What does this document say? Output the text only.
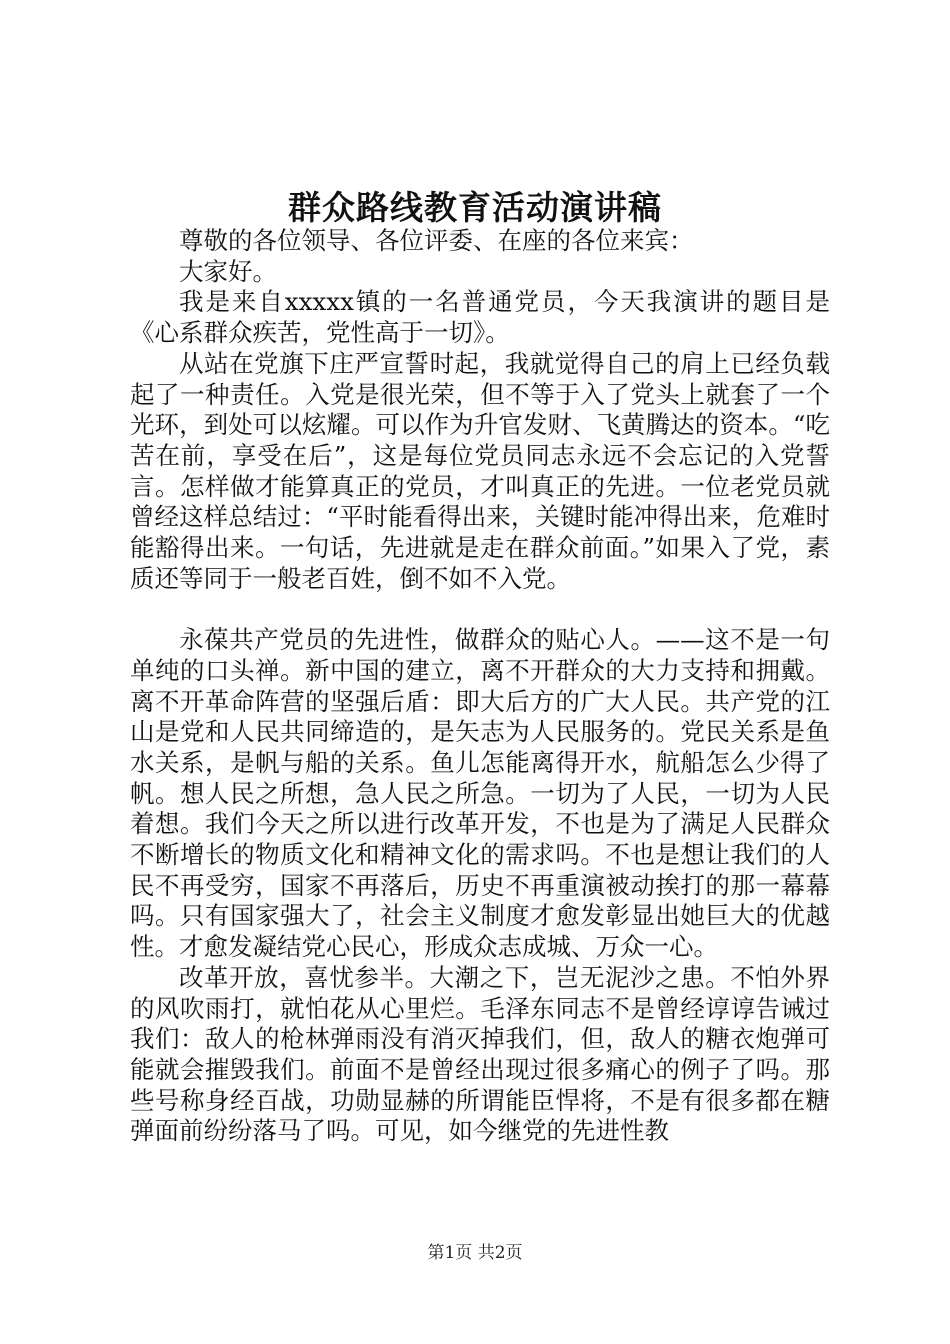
群众路线教育活动演讲稿

尊敬的各位领导、各位评委、在座的各位来宾：

大家好。

我是来自xxxxx镇的一名普通党员，今天我演讲的题目是《心系群众疾苦，党性高于一切》。

从站在党旗下庄严宣誓时起，我就觉得自己的肩上已经负载起了一种责任。入党是很光荣，但不等于入了党头上就套了一个光环，到处可以炫耀。可以作为升官发财、飞黄腾达的资本。“吃苦在前，享受在后”，这是每位党员同志永远不会忘记的入党誓言。怎样做才能算真正的党员，才叫真正的先进。一位老党员就曾经这样总结过：“平时能看得出来，关键时能冲得出来，危难时能豁得出来。一句话，先进就是走在群众前面。”如果入了党，素质还等同于一般老百姓，倒不如不入党。

永葆共产党员的先进性，做群众的贴心人。——这不是一句单纯的口头禅。新中国的建立，离不开群众的大力支持和拥戴。离不开革命阵营的坚强后盾：即大后方的广大人民。共产党的江山是党和人民共同缔造的，是矢志为人民服务的。党民关系是鱼水关系，是帆与船的关系。鱼儿怎能离得开水，航船怎么少得了帆。想人民之所想，急人民之所急。一切为了人民，一切为人民着想。我们今天之所以进行改革开发，不也是为了满足人民群众不断增长的物质文化和精神文化的需求吗。不也是想让我们的人民不再受穷，国家不再落后，历史不再重演被动挨打的那一幕幕吗。只有国家强大了，社会主义制度才愈发彰显出她巨大的优越性。才愈发凝结党心民心，形成众志成城、万众一心。

改革开放，喜忧参半。大潮之下，岂无泥沙之患。不怕外界的风吹雨打，就怕花从心里烂。毛泽东同志不是曾经谆谆告诫过我们：敌人的枪林弹雨没有消灭掉我们，但，敌人的糖衣炮弹可能就会摧毁我们。前面不是曾经出现过很多痛心的例子了吗。那些号称身经百战，功勋显赫的所谓能臣悍将，不是有很多都在糖弹面前纷纷落马了吗。可见，如今继党的先进性教

第1页 共2页
